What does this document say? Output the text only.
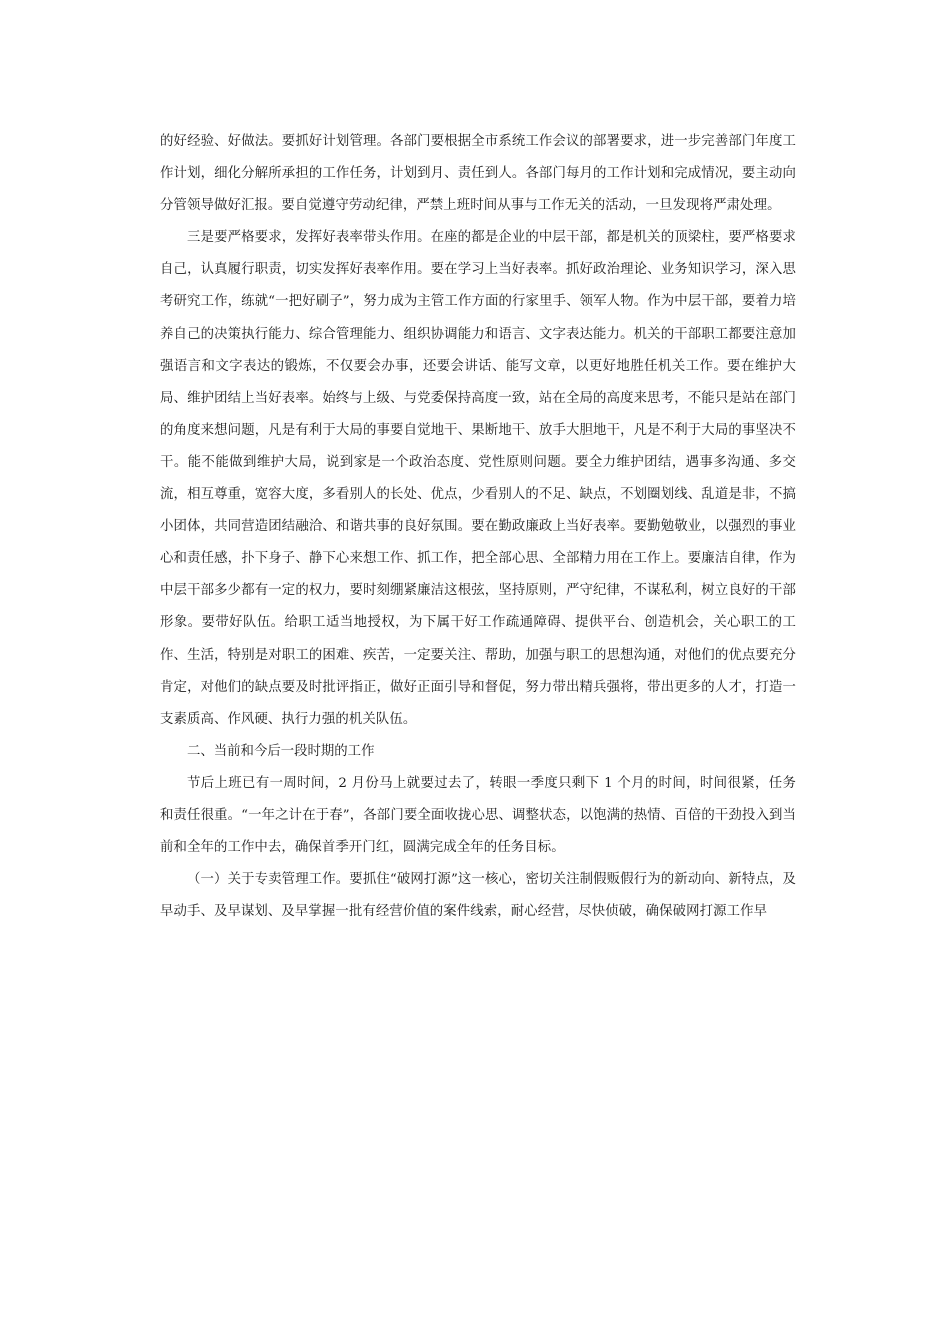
的好经验、好做法。要抓好计划管理。各部门要根据全市系统工作会议的部署要求，进一步完善部门年度工作计划，细化分解所承担的工作任务，计划到月、责任到人。各部门每月的工作计划和完成情况，要主动向分管领导做好汇报。要自觉遵守劳动纪律，严禁上班时间从事与工作无关的活动，一旦发现将严肃处理。

三是要严格要求，发挥好表率带头作用。在座的都是企业的中层干部，都是机关的顶梁柱，要严格要求自己，认真履行职责，切实发挥好表率作用。要在学习上当好表率。抓好政治理论、业务知识学习，深入思考研究工作，练就“一把好刷子”，努力成为主管工作方面的行家里手、领军人物。作为中层干部，要着力培养自己的决策执行能力、综合管理能力、组织协调能力和语言、文字表达能力。机关的干部职工都要注意加强语言和文字表达的锻炼，不仅要会办事，还要会讲话、能写文章，以更好地胜任机关工作。要在维护大局、维护团结上当好表率。始终与上级、与党委保持高度一致，站在全局的高度来思考，不能只是站在部门的角度来想问题，凡是有利于大局的事要自觉地干、果断地干、放手大胆地干，凡是不利于大局的事坚决不干。能不能做到维护大局，说到家是一个政治态度、党性原则问题。要全力维护团结，遇事多沟通、多交流，相互尊重，宽容大度，多看别人的长处、优点，少看别人的不足、缺点，不划圈划线、乱道是非，不搞小团体，共同营造团结融洽、和谐共事的良好氛围。要在勤政廉政上当好表率。要勤勉敬业，以强烈的事业心和责任感，扑下身子、静下心来想工作、抓工作，把全部心思、全部精力用在工作上。要廉洁自律，作为中层干部多少都有一定的权力，要时刻绷紧廉洁这根弦，坚持原则，严守纪律，不谋私利，树立良好的干部形象。要带好队伍。给职工适当地授权，为下属干好工作疏通障碍、提供平台、创造机会，关心职工的工作、生活，特别是对职工的困难、疾苦，一定要关注、帮助，加强与职工的思想沟通，对他们的优点要充分肯定，对他们的缺点要及时批评指正，做好正面引导和督促，努力带出精兵强将，带出更多的人才，打造一支素质高、作风硬、执行力强的机关队伍。

二、当前和今后一段时期的工作

节后上班已有一周时间，2 月份马上就要过去了，转眼一季度只剩下 1 个月的时间，时间很紧，任务和责任很重。“一年之计在于春”，各部门要全面收拢心思、调整状态，以饱满的热情、百倍的干劲投入到当前和全年的工作中去，确保首季开门红，圆满完成全年的任务目标。

（一）关于专卖管理工作。要抓住“破网打源”这一核心，密切关注制假贩假行为的新动向、新特点，及早动手、及早谋划、及早掌握一批有经营价值的案件线索，耐心经营，尽快侦破，确保破网打源工作早
